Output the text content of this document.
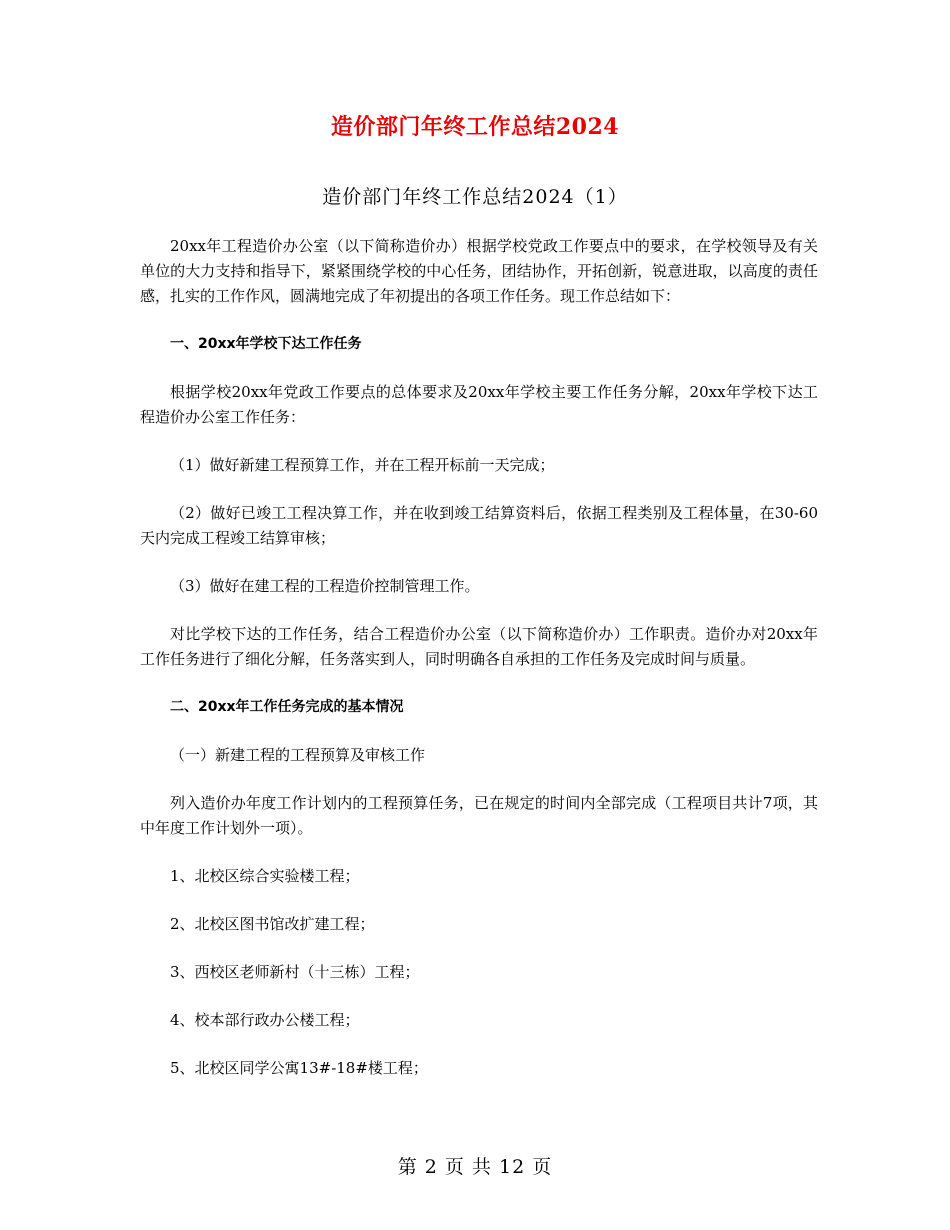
造价部门年终工作总结2024
造价部门年终工作总结2024（1）

20xx年工程造价办公室（以下简称造价办）根据学校党政工作要点中的要求，在学校领导及有关单位的大力支持和指导下，紧紧围绕学校的中心任务，团结协作，开拓创新，锐意进取，以高度的责任感，扎实的工作作风，圆满地完成了年初提出的各项工作任务。现工作总结如下：

一、20xx年学校下达工作任务

根据学校20xx年党政工作要点的总体要求及20xx年学校主要工作任务分解，20xx年学校下达工程造价办公室工作任务：

（1）做好新建工程预算工作，并在工程开标前一天完成；

（2）做好已竣工工程决算工作，并在收到竣工结算资料后，依据工程类别及工程体量，在30-60天内完成工程竣工结算审核；

（3）做好在建工程的工程造价控制管理工作。

对比学校下达的工作任务，结合工程造价办公室（以下简称造价办）工作职责。造价办对20xx年工作任务进行了细化分解，任务落实到人，同时明确各自承担的工作任务及完成时间与质量。

二、20xx年工作任务完成的基本情况

（一）新建工程的工程预算及审核工作

列入造价办年度工作计划内的工程预算任务，已在规定的时间内全部完成（工程项目共计7项，其中年度工作计划外一项）。

1、北校区综合实验楼工程；

2、北校区图书馆改扩建工程；

3、西校区老师新村（十三栋）工程；

4、校本部行政办公楼工程；

5、北校区同学公寓13#-18#楼工程；

第 2 页 共 12 页
